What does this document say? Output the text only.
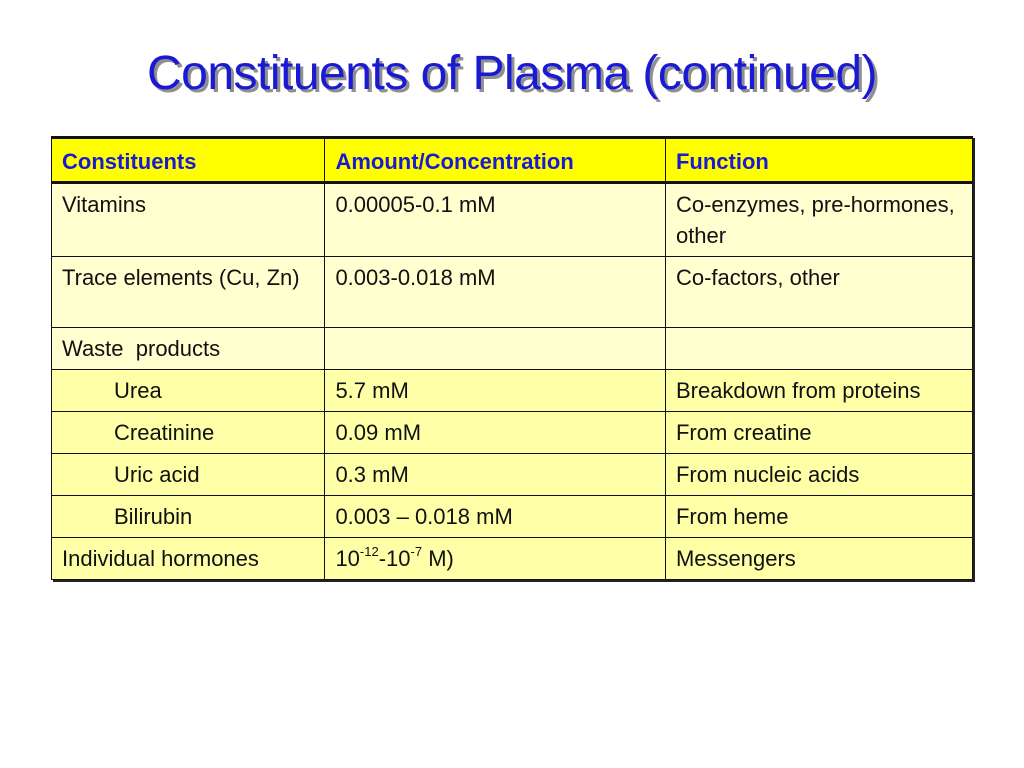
Constituents of Plasma (continued)
Constituents	Amount/Concentration	Function
Vitamins	0.00005-0.1 mM	Co-enzymes, pre-hormones, other
Trace elements (Cu, Zn)	0.003-0.018 mM	Co-factors, other
Waste  products		
Urea	5.7 mM	Breakdown from proteins
Creatinine	0.09 mM	From creatine
Uric acid	0.3 mM	From nucleic acids
Bilirubin	0.003 – 0.018 mM	From heme
Individual hormones	$10^{-12}-10^{-7}$ M)	Messengers
